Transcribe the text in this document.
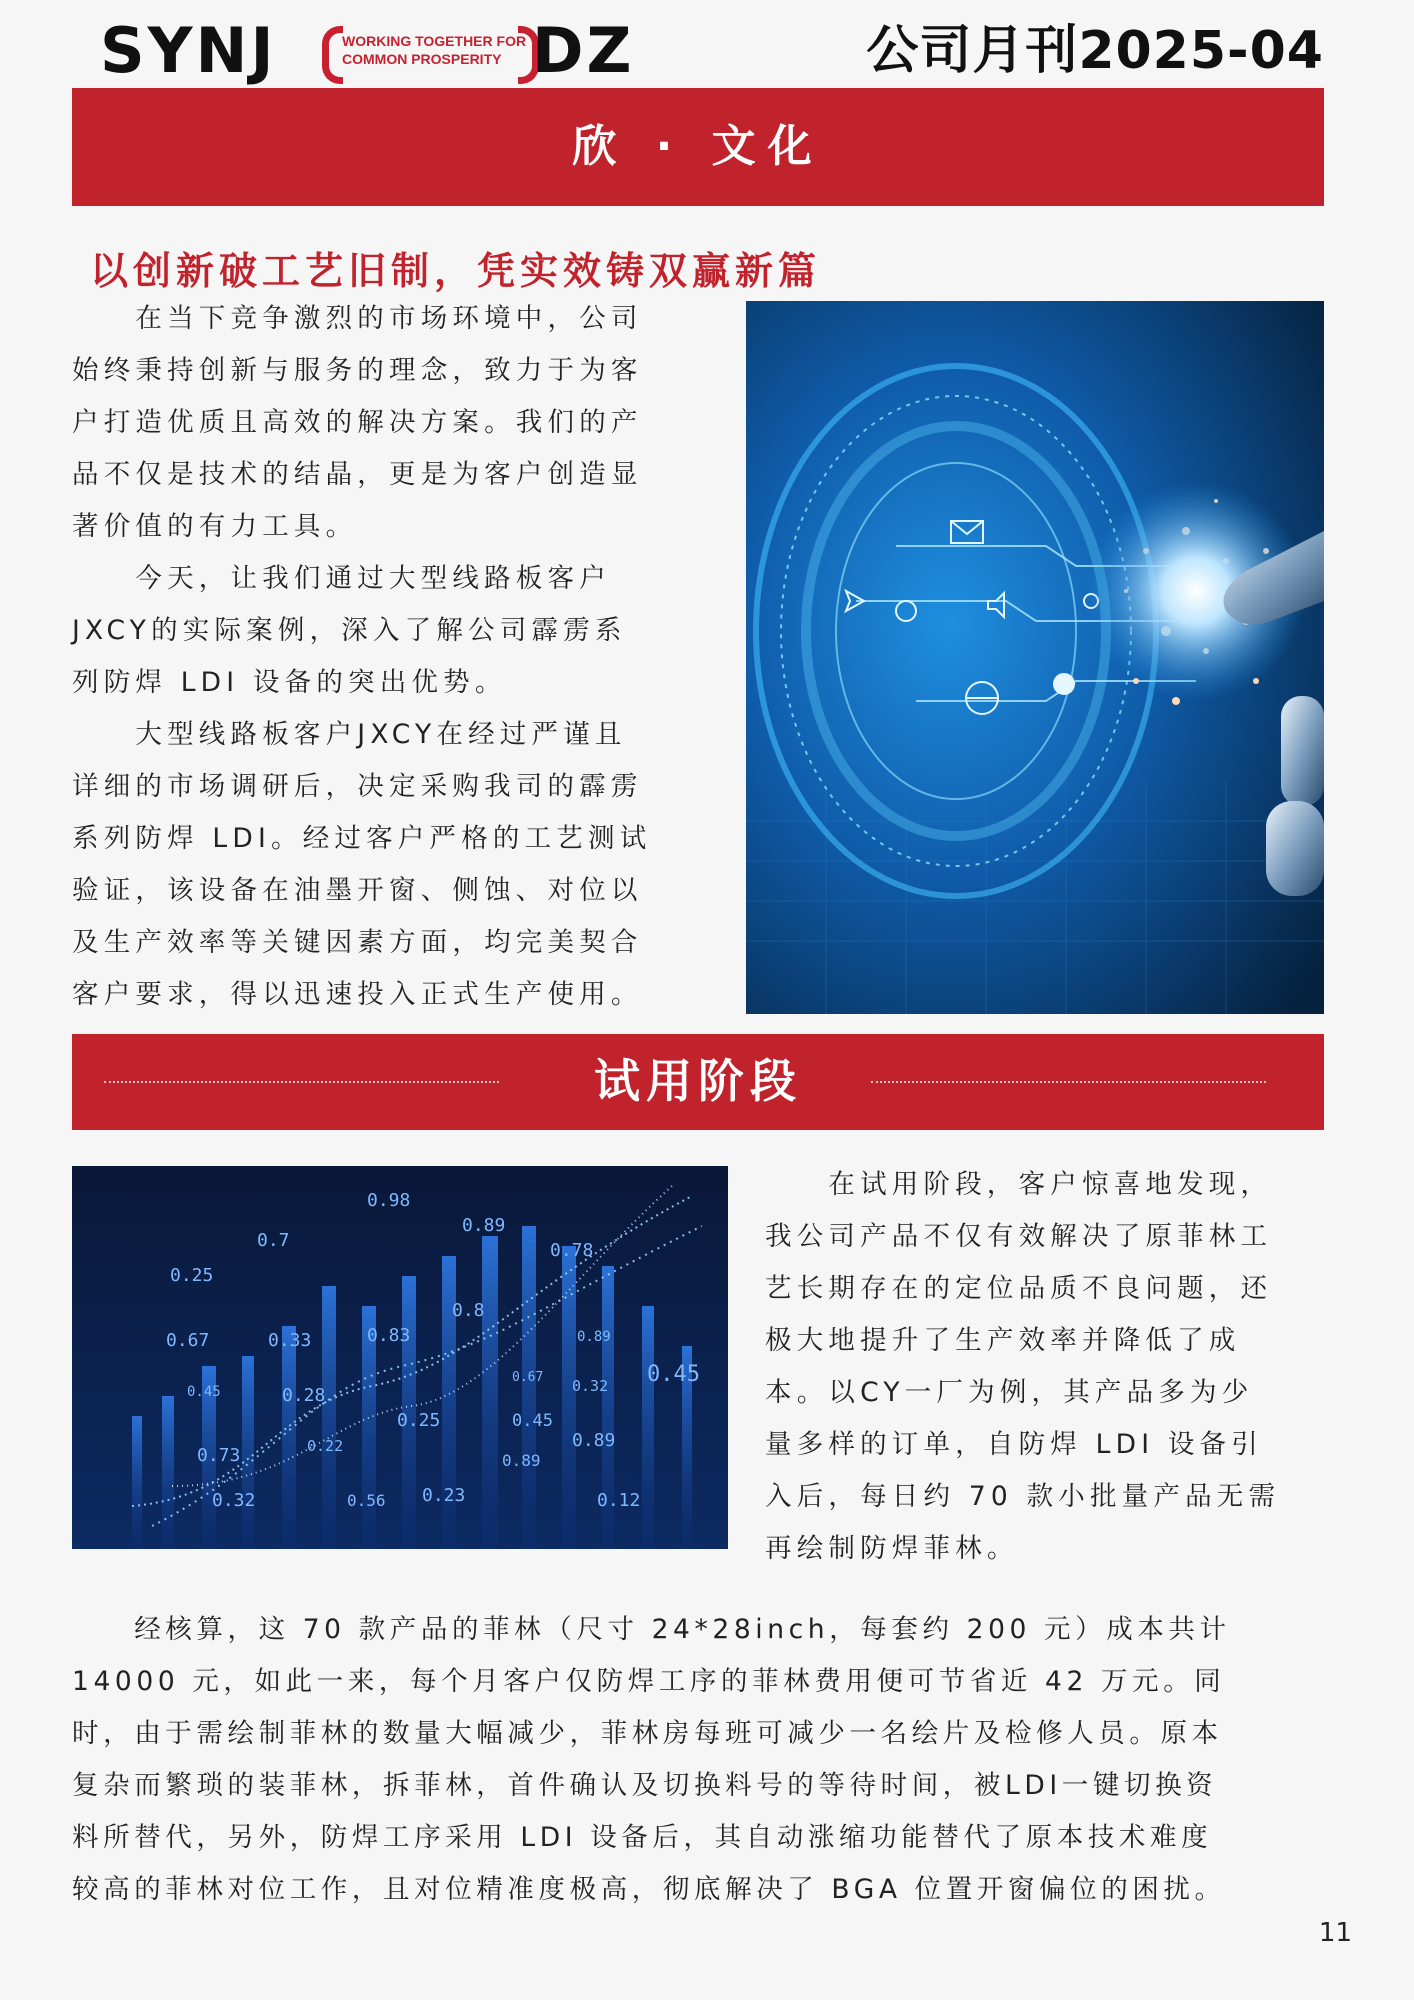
SYNJ	WORKING TOGETHER FOR
COMMON PROSPERITY DZ	公司月刊2025-04
欣 · 文化
以创新破工艺旧制，凭实效铸双赢新篇
　　在当下竞争激烈的市场环境中，公司
始终秉持创新与服务的理念，致力于为客
户打造优质且高效的解决方案。我们的产
品不仅是技术的结晶，更是为客户创造显
著价值的有力工具。
　　今天，让我们通过大型线路板客户
JXCY的实际案例，深入了解公司霹雳系
列防焊 LDI 设备的突出优势。
　　大型线路板客户JXCY在经过严谨且
详细的市场调研后，决定采购我司的霹雳
系列防焊 LDI。经过客户严格的工艺测试
验证，该设备在油墨开窗、侧蚀、对位以
及生产效率等关键因素方面，均完美契合
客户要求，得以迅速投入正式生产使用。
试用阶段
0.98
0.7
0.89
0.78
0.25
0.67	0.33	0.83
0.8
0.89
0.45
0.45
0.67 0.32
0.28
0.25	0.45
0.89
0.73	0.22
0.89
0.32	0.56 0.23	0.12
　　在试用阶段，客户惊喜地发现，
我公司产品不仅有效解决了原菲林工
艺长期存在的定位品质不良问题，还
极大地提升了生产效率并降低了成
本。以CY一厂为例，其产品多为少
量多样的订单，自防焊 LDI 设备引
入后，每日约 70 款小批量产品无需
再绘制防焊菲林。
　　经核算，这 70 款产品的菲林（尺寸 24*28inch，每套约 200 元）成本共计
14000 元，如此一来，每个月客户仅防焊工序的菲林费用便可节省近 42 万元。同
时，由于需绘制菲林的数量大幅减少，菲林房每班可减少一名绘片及检修人员。原本
复杂而繁琐的装菲林，拆菲林，首件确认及切换料号的等待时间，被LDI一键切换资
料所替代，另外，防焊工序采用 LDI 设备后，其自动涨缩功能替代了原本技术难度
较高的菲林对位工作，且对位精准度极高，彻底解决了 BGA 位置开窗偏位的困扰。
11
